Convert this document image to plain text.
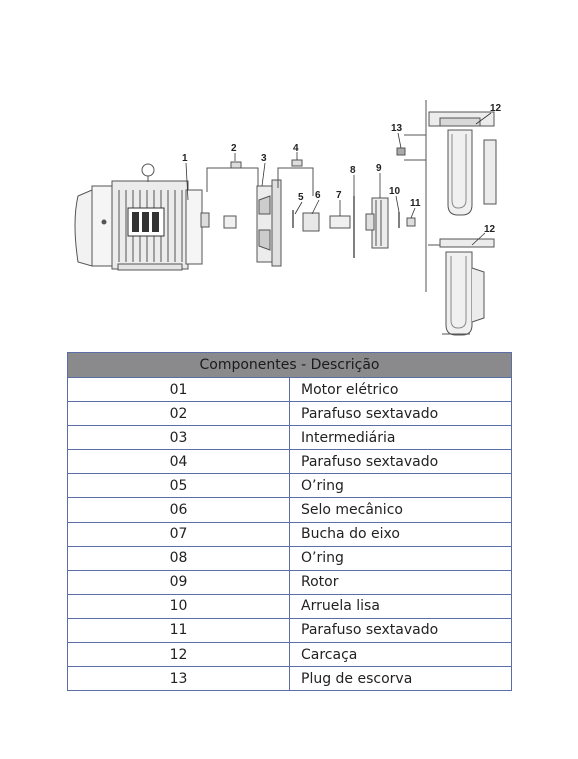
1
2
3
4
5 6 7
8 9
10
11
12
13
12
Componentes - Descrição	
01	Motor elétrico
02	Parafuso sextavado
03	Intermediária
04	Parafuso sextavado
05	O’ring
06	Selo mecânico
07	Bucha do eixo
08	O’ring
09	Rotor
10	Arruela lisa
11	Parafuso sextavado
12	Carcaça
13	Plug de escorva
